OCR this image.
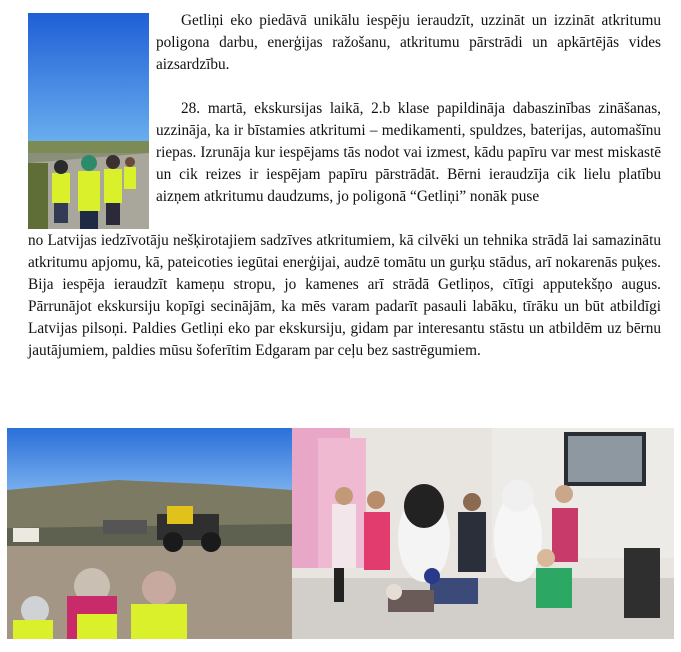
Getliņi eko piedāvā unikālu iespēju ieraudzīt, uzzināt un izzināt atkritumu poligona darbu, enerģijas ražošanu, atkritumu pārstrādi un apkārtējās vides aizsardzību.

28. martā, ekskursijas laikā, 2.b klase papildināja dabaszinības zināšanas, uzzināja, ka ir bīstamies atkritumi – medikamenti, spuldzes, baterijas, automašīnu riepas. Izrunāja kur iespējams tās nodot vai izmest, kādu papīru var mest miskastē un cik reizes ir iespējam papīru pārstrādāt. Bērni ieraudzīja cik lielu platību aizņem atkritumu daudzums, jo poligonā “Getliņi” nonāk puse

no Latvijas iedzīvotāju nešķirotajiem sadzīves atkritumiem, kā cilvēki un tehnika strādā lai samazinātu atkritumu apjomu, kā, pateicoties iegūtai enerģijai, audzē tomātu un gurķu stādus, arī nokarenās puķes. Bija iespēja ieraudzīt kameņu stropu, jo kamenes arī strādā Getliņos, cītīgi apputekšņo augus. Pārrunājot ekskursiju kopīgi secinājām, ka mēs varam padarīt pasauli labāku, tīrāku un būt atbildīgi Latvijas pilsoņi. Paldies Getliņi eko par ekskursiju, gidam par interesantu stāstu un atbildēm uz bērnu jautājumiem, paldies mūsu šoferītim Edgaram par ceļu bez sastrēgumiem.
